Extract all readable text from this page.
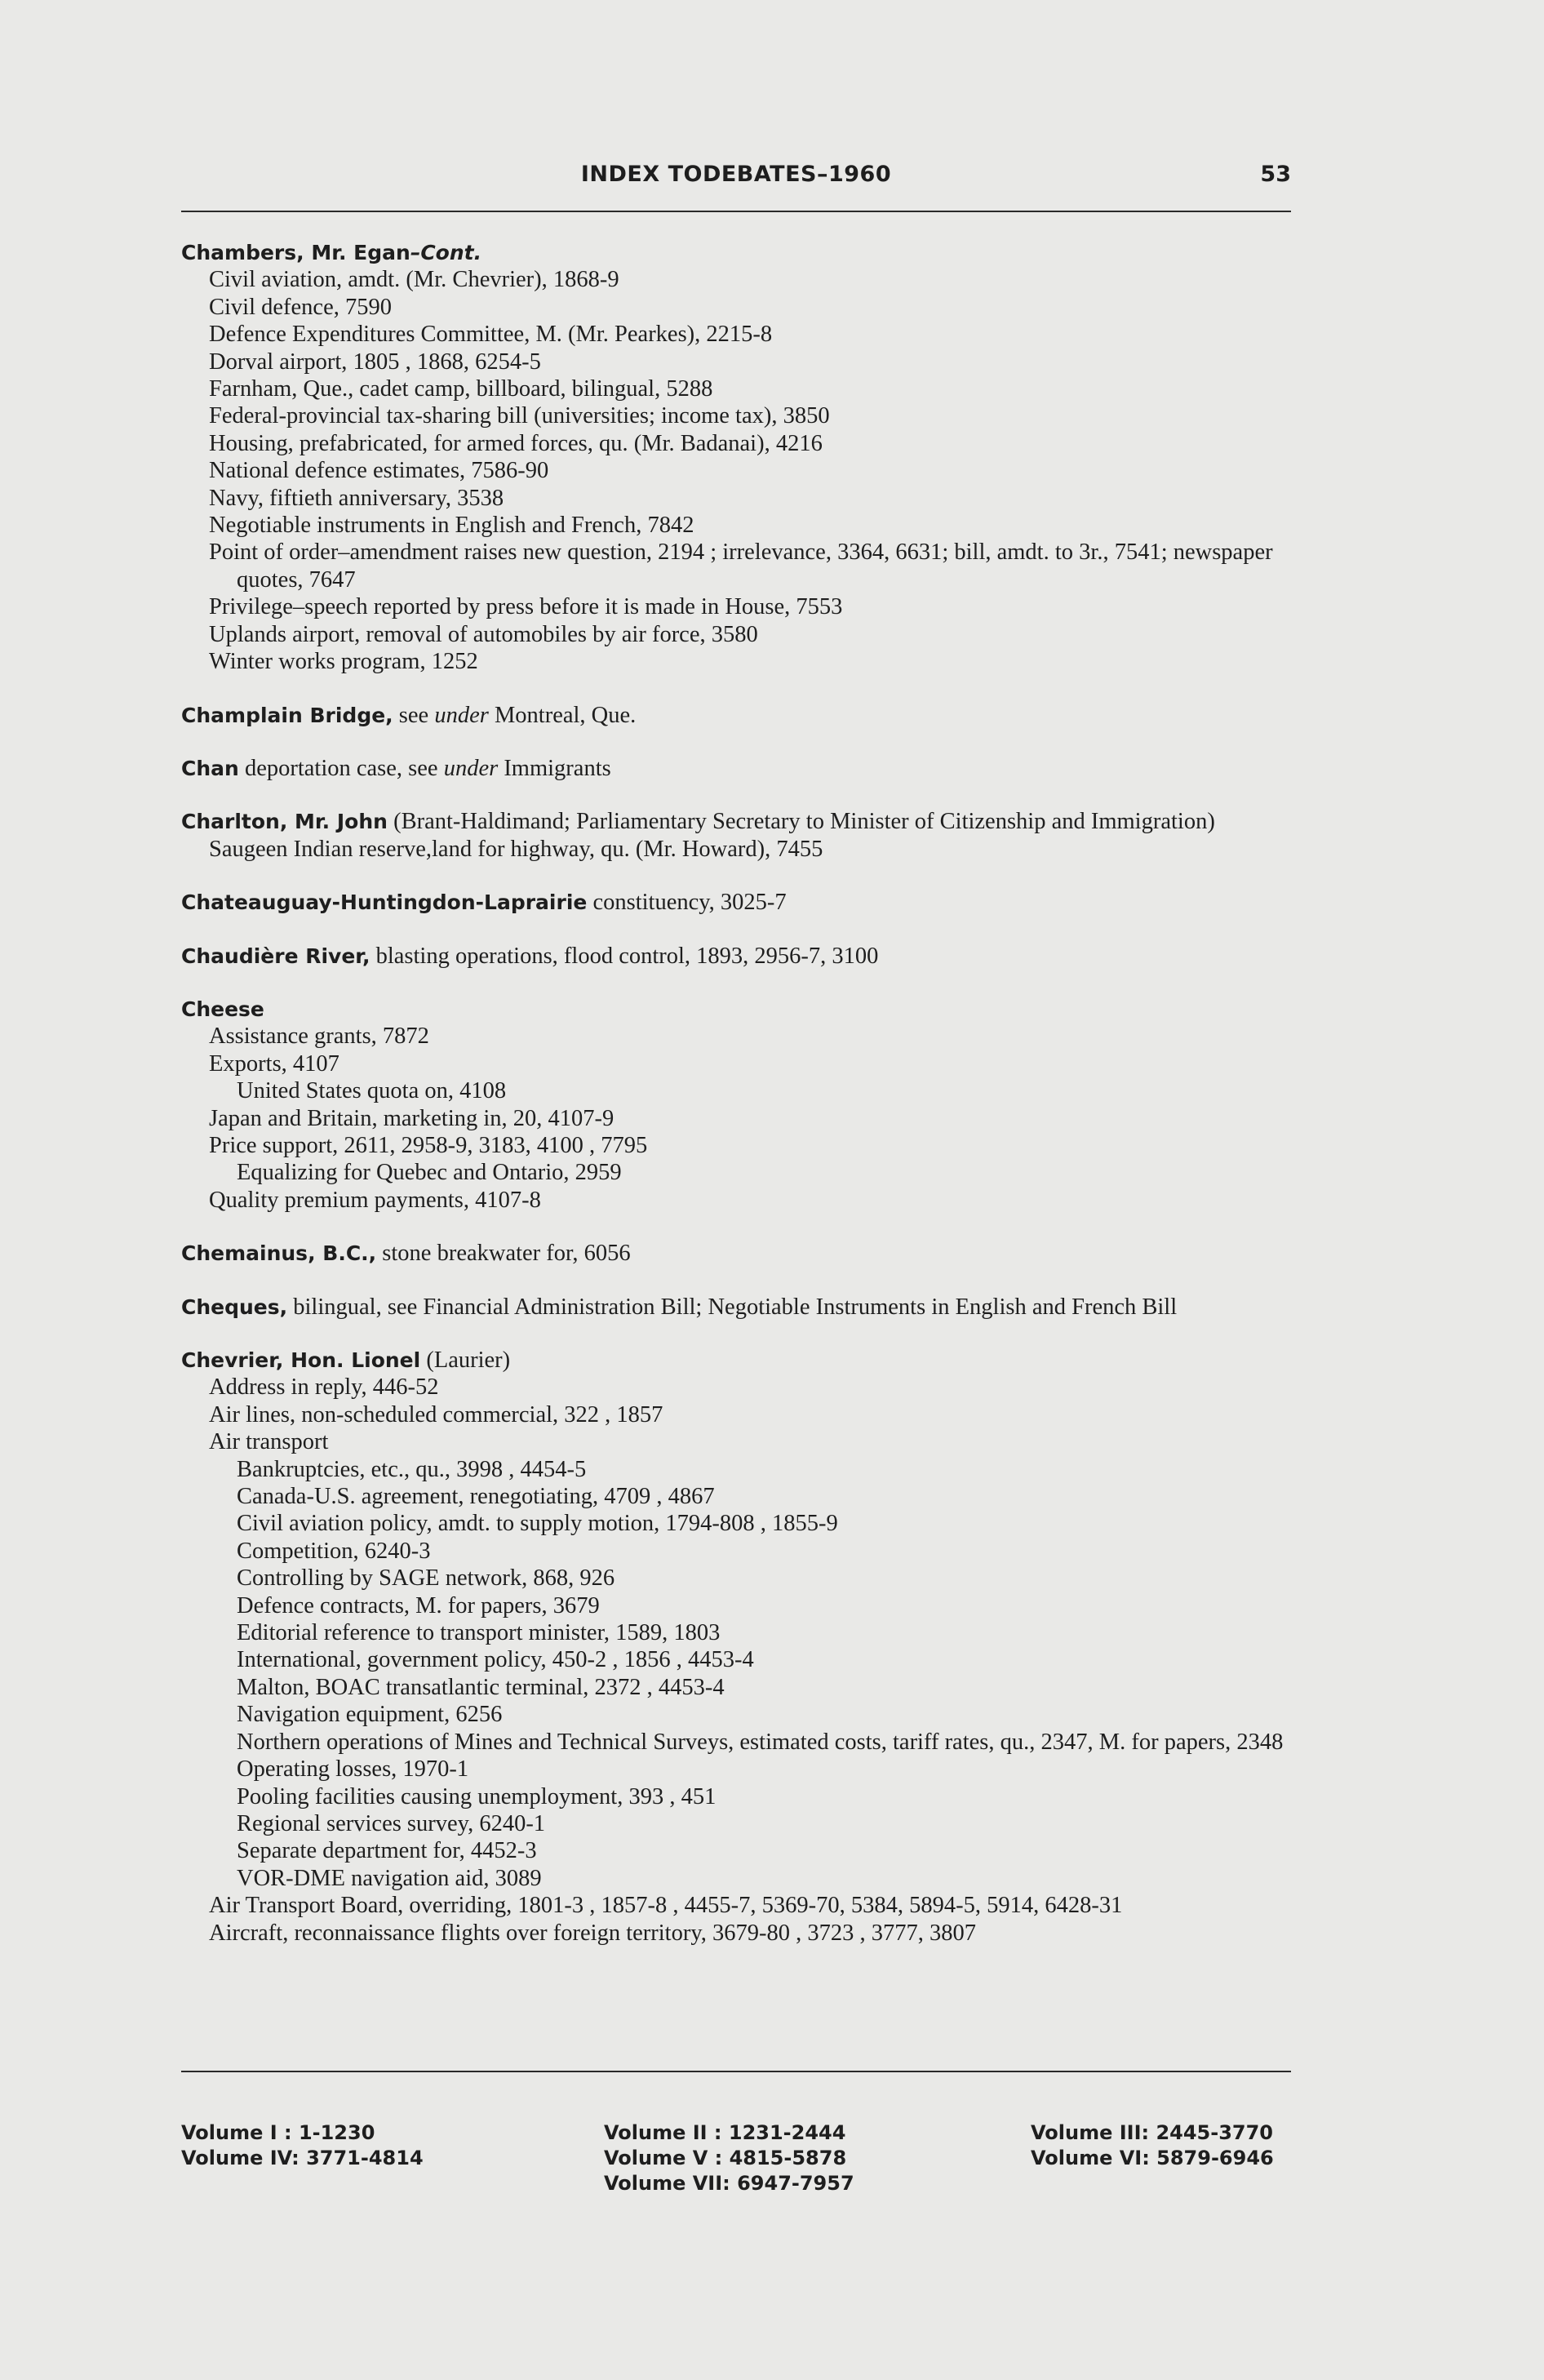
INDEX TODEBATES–1960	53
Chambers, Mr. Egan–Cont.
Civil aviation, amdt. (Mr. Chevrier), 1868-9
Civil defence, 7590
Defence Expenditures Committee, M. (Mr. Pearkes), 2215-8
Dorval airport, 1805 , 1868, 6254-5
Farnham, Que., cadet camp, billboard, bilingual, 5288
Federal-provincial tax-sharing bill (universities; income tax), 3850
Housing, prefabricated, for armed forces, qu. (Mr. Badanai), 4216
National defence estimates, 7586-90
Navy, fiftieth anniversary, 3538
Negotiable instruments in English and French, 7842
Point of order–amendment raises new question, 2194 ; irrelevance, 3364, 6631; bill, amdt. to 3r., 7541; newspaper quotes, 7647
Privilege–speech reported by press before it is made in House, 7553
Uplands airport, removal of automobiles by air force, 3580
Winter works program, 1252
Champlain Bridge, see under Montreal, Que.
Chan deportation case, see under Immigrants
Charlton, Mr. John (Brant-Haldimand; Parliamentary Secretary to Minister of Citizenship and Immigration)
Saugeen Indian reserve,land for highway, qu. (Mr. Howard), 7455
Chateauguay-Huntingdon-Laprairie constituency, 3025-7
Chaudière River, blasting operations, flood control, 1893, 2956-7, 3100
Cheese
Assistance grants, 7872
Exports, 4107
United States quota on, 4108
Japan and Britain, marketing in, 20, 4107-9
Price support, 2611, 2958-9, 3183, 4100 , 7795
Equalizing for Quebec and Ontario, 2959
Quality premium payments, 4107-8
Chemainus, B.C., stone breakwater for, 6056
Cheques, bilingual, see Financial Administration Bill; Negotiable Instruments in English and French Bill
Chevrier, Hon. Lionel (Laurier)
Address in reply, 446-52
Air lines, non-scheduled commercial, 322 , 1857
Air transport
Bankruptcies, etc., qu., 3998 , 4454-5
Canada-U.S. agreement, renegotiating, 4709 , 4867
Civil aviation policy, amdt. to supply motion, 1794-808 , 1855-9
Competition, 6240-3
Controlling by SAGE network, 868, 926
Defence contracts, M. for papers, 3679
Editorial reference to transport minister, 1589, 1803
International, government policy, 450-2 , 1856 , 4453-4
Malton, BOAC transatlantic terminal, 2372 , 4453-4
Navigation equipment, 6256
Northern operations of Mines and Technical Surveys, estimated costs, tariff rates, qu., 2347, M. for papers, 2348
Operating losses, 1970-1
Pooling facilities causing unemployment, 393 , 451
Regional services survey, 6240-1
Separate department for, 4452-3
VOR-DME navigation aid, 3089
Air Transport Board, overriding, 1801-3 , 1857-8 , 4455-7, 5369-70, 5384, 5894-5, 5914, 6428-31
Aircraft, reconnaissance flights over foreign territory, 3679-80 , 3723 , 3777, 3807
Volume I : 1-1230
Volume IV: 3771-4814
Volume II : 1231-2444
Volume V : 4815-5878
Volume VII: 6947-7957
Volume III: 2445-3770
Volume VI: 5879-6946
